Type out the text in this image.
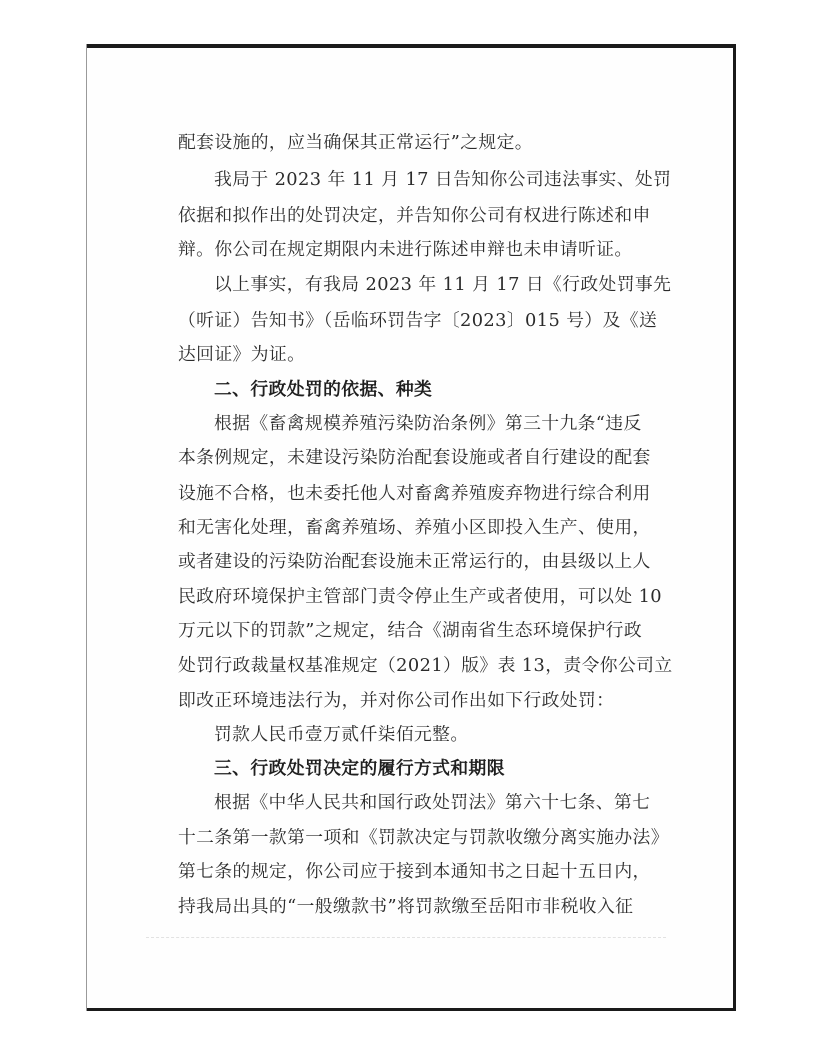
配套设施的，应当确保其正常运行”之规定。
我局于 2023 年 11 月 17 日告知你公司违法事实、处罚
依据和拟作出的处罚决定，并告知你公司有权进行陈述和申
辩。你公司在规定期限内未进行陈述申辩也未申请听证。
以上事实，有我局 2023 年 11 月 17 日《行政处罚事先
（听证）告知书》（岳临环罚告字〔2023〕015 号）及《送
达回证》为证。
二、行政处罚的依据、种类
根据《畜禽规模养殖污染防治条例》第三十九条“违反
本条例规定，未建设污染防治配套设施或者自行建设的配套
设施不合格，也未委托他人对畜禽养殖废弃物进行综合利用
和无害化处理，畜禽养殖场、养殖小区即投入生产、使用，
或者建设的污染防治配套设施未正常运行的，由县级以上人
民政府环境保护主管部门责令停止生产或者使用，可以处 10
万元以下的罚款”之规定，结合《湖南省生态环境保护行政
处罚行政裁量权基准规定（2021）版》表 13，责令你公司立
即改正环境违法行为，并对你公司作出如下行政处罚：
罚款人民币壹万贰仟柒佰元整。
三、行政处罚决定的履行方式和期限
根据《中华人民共和国行政处罚法》第六十七条、第七
十二条第一款第一项和《罚款决定与罚款收缴分离实施办法》
第七条的规定，你公司应于接到本通知书之日起十五日内，
持我局出具的“一般缴款书”将罚款缴至岳阳市非税收入征
